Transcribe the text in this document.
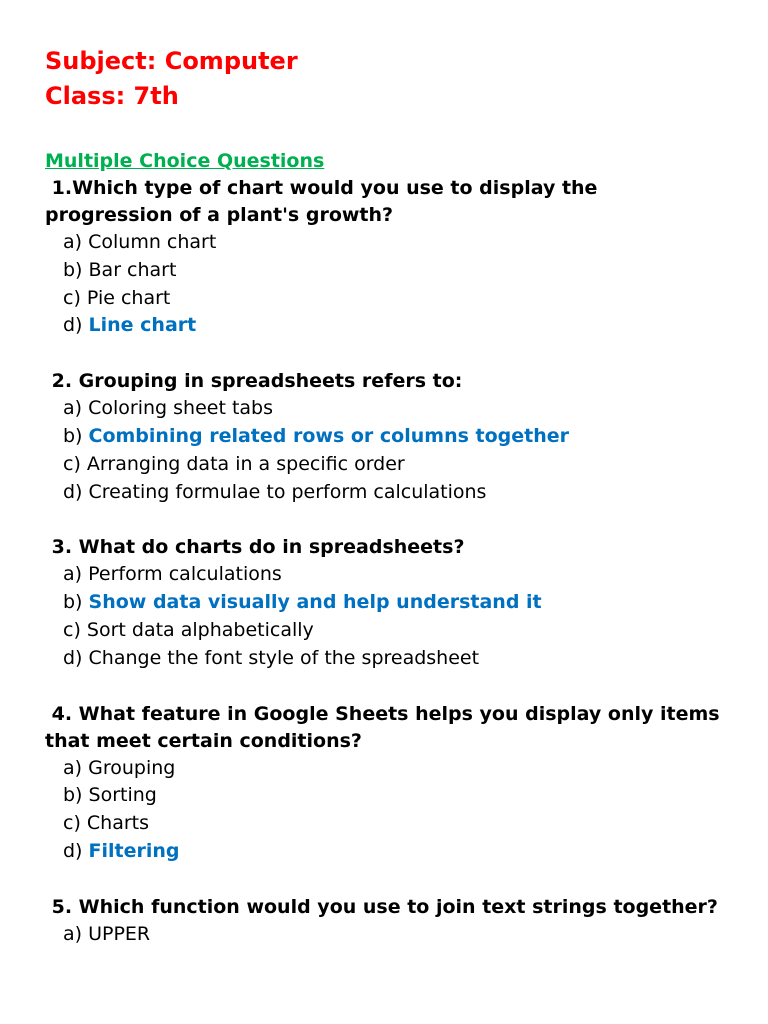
Subject: Computer

Class: 7th

Multiple Choice Questions

1.Which type of chart would you use to display the progression of a plant's growth?

a) Column chart
b) Bar chart
c) Pie chart
d) Line chart

2. Grouping in spreadsheets refers to:

a) Coloring sheet tabs
b) Combining related rows or columns together
c) Arranging data in a specific order
d) Creating formulae to perform calculations

3. What do charts do in spreadsheets?

a) Perform calculations
b) Show data visually and help understand it
c) Sort data alphabetically
d) Change the font style of the spreadsheet

4. What feature in Google Sheets helps you display only items that meet certain conditions?

a) Grouping
b) Sorting
c) Charts
d) Filtering

5. Which function would you use to join text strings together?

a) UPPER
